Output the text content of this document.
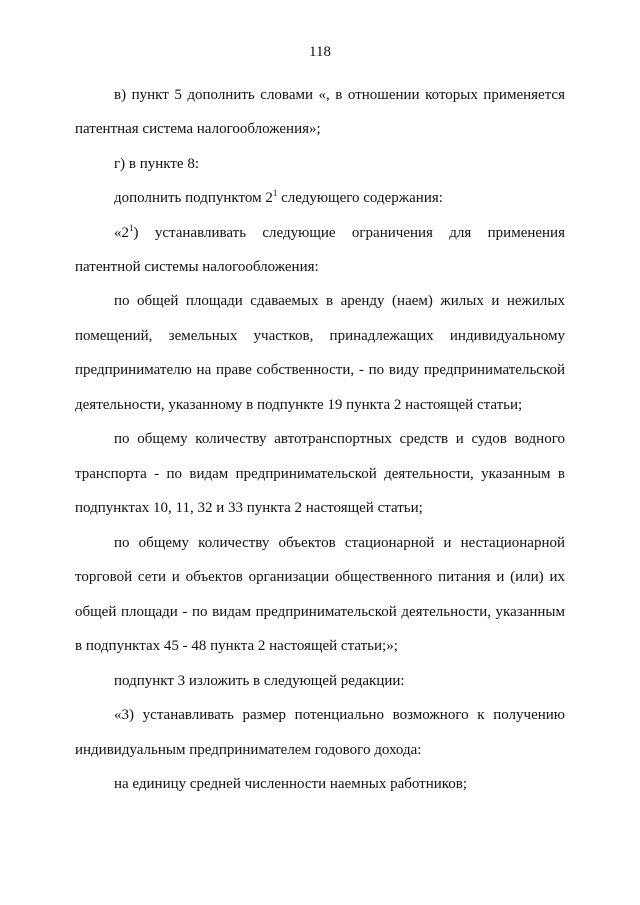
118
в) пункт 5 дополнить словами «, в отношении которых применяется
патентная система налогообложения»;
г) в пункте 8:
дополнить подпунктом $2^1$ следующего содержания:
«$2^1$) устанавливать следующие ограничения для применения
патентной системы налогообложения:
по общей площади сдаваемых в аренду (наем) жилых и нежилых
помещений, земельных участков, принадлежащих индивидуальному
предпринимателю на праве собственности, - по виду предпринимательской
деятельности, указанному в подпункте 19 пункта 2 настоящей статьи;
по общему количеству автотранспортных средств и судов водного
транспорта - по видам предпринимательской деятельности, указанным в
подпунктах 10, 11, 32 и 33 пункта 2 настоящей статьи;
по общему количеству объектов стационарной и нестационарной
торговой сети и объектов организации общественного питания и (или) их
общей площади - по видам предпринимательской деятельности, указанным
в подпунктах 45 - 48 пункта 2 настоящей статьи;»;
подпункт 3 изложить в следующей редакции:
«3) устанавливать размер потенциально возможного к получению
индивидуальным предпринимателем годового дохода:
на единицу средней численности наемных работников;
